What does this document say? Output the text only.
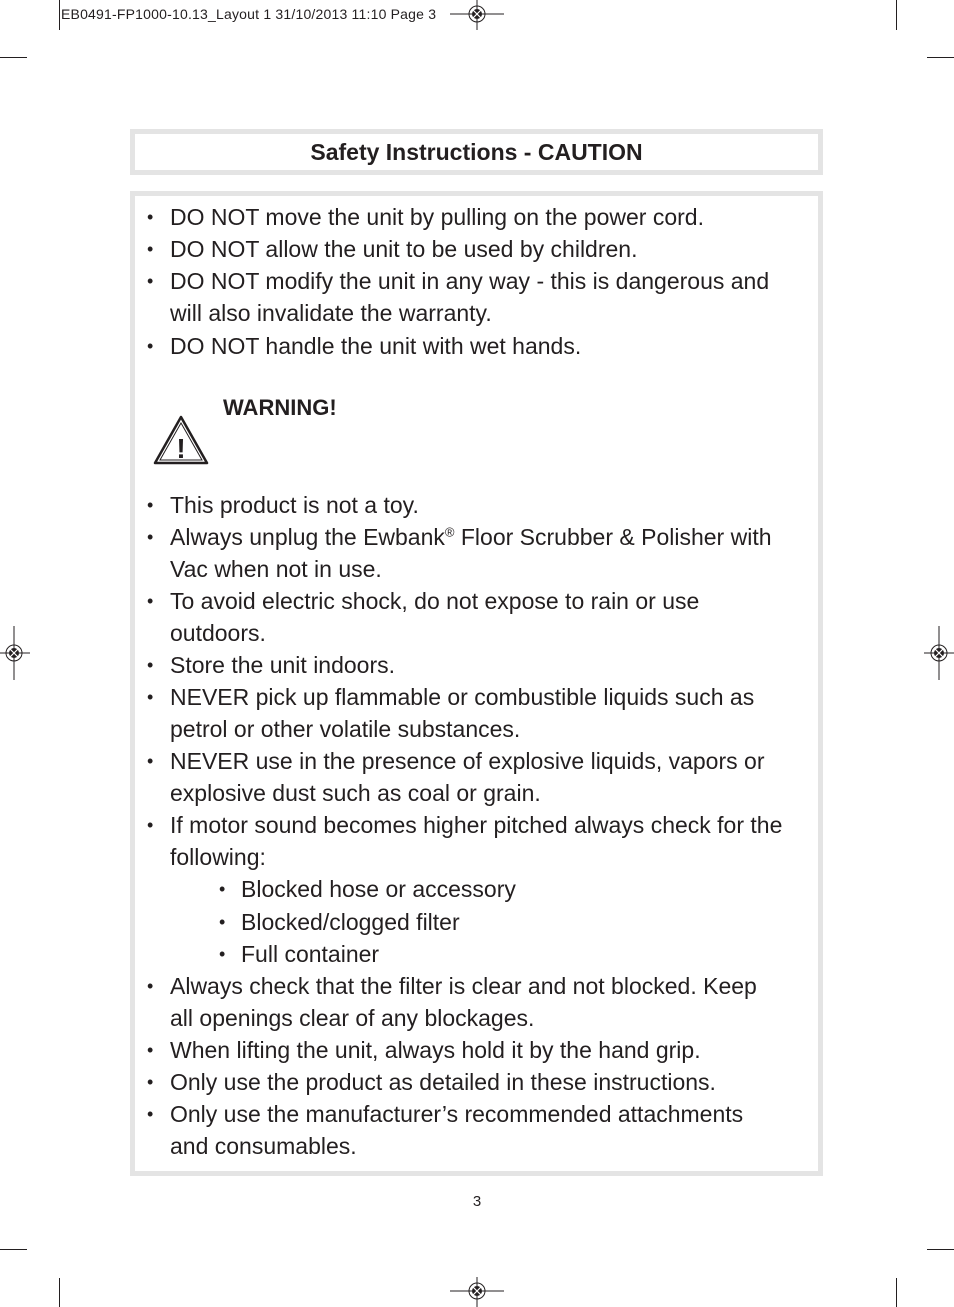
EB0491-FP1000-10.13_Layout 1 31/10/2013 11:10 Page 3
Safety Instructions - CAUTION
• DO NOT move the unit by pulling on the power cord.
• DO NOT allow the unit to be used by children.
• DO NOT modify the unit in any way - this is dangerous and
will also invalidate the warranty.
• DO NOT handle the unit with wet hands.
WARNING!
!
• This product is not a toy.
• Always unplug the Ewbank® Floor Scrubber & Polisher with
Vac when not in use.
• To avoid electric shock, do not expose to rain or use
outdoors.
• Store the unit indoors.
• NEVER pick up flammable or combustible liquids such as
petrol or other volatile substances.
• NEVER use in the presence of explosive liquids, vapors or
explosive dust such as coal or grain.
• If motor sound becomes higher pitched always check for the
following:
• Blocked hose or accessory
• Blocked/clogged filter
• Full container
• Always check that the filter is clear and not blocked. Keep
all openings clear of any blockages.
• When lifting the unit, always hold it by the hand grip.
• Only use the product as detailed in these instructions.
• Only use the manufacturer’s recommended attachments
and consumables.
3
